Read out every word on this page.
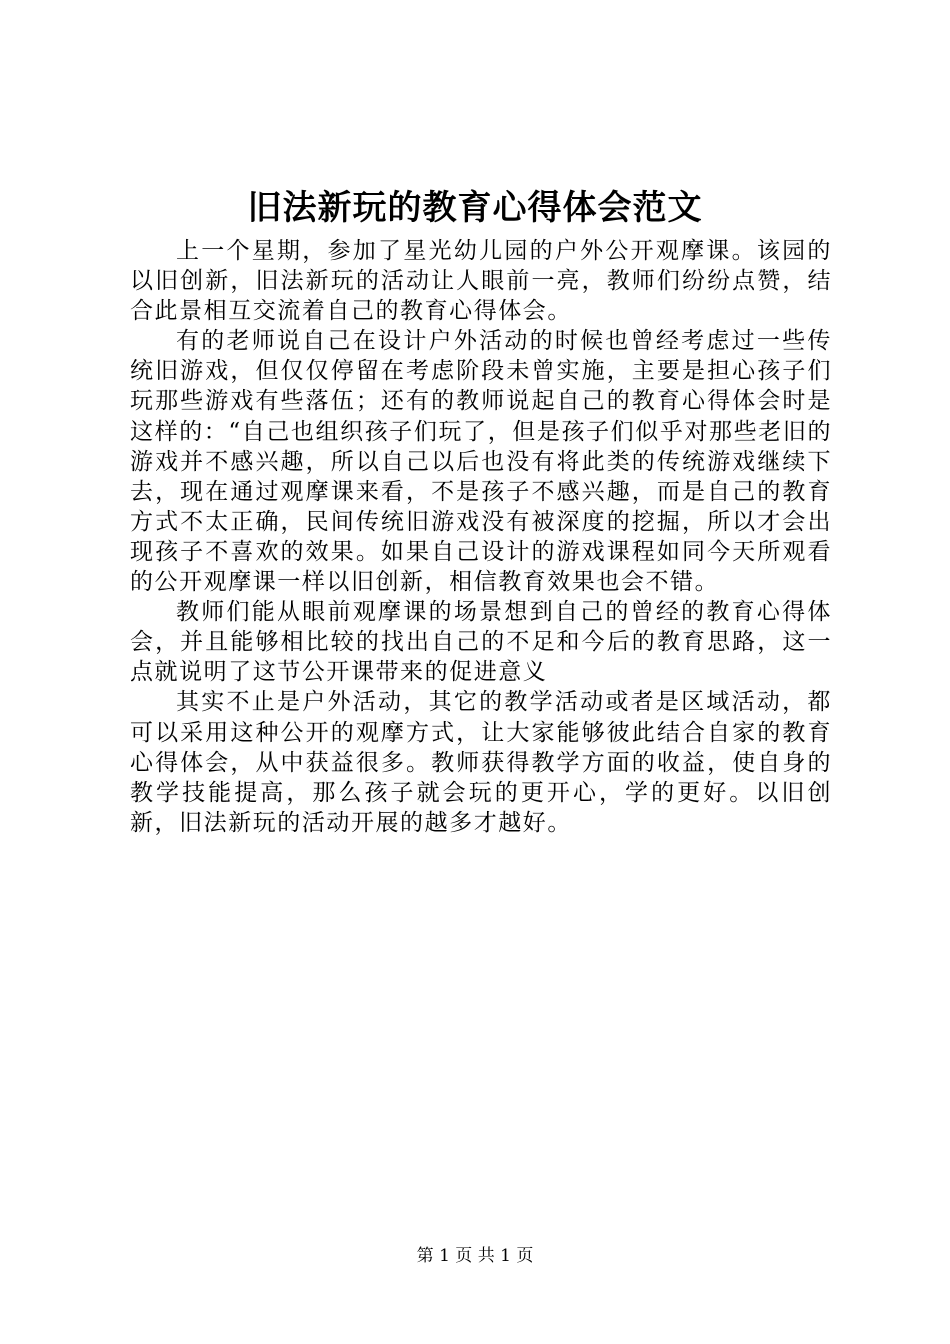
旧法新玩的教育心得体会范文

上一个星期，参加了星光幼儿园的户外公开观摩课。该园的以旧创新，旧法新玩的活动让人眼前一亮，教师们纷纷点赞，结合此景相互交流着自己的教育心得体会。

有的老师说自己在设计户外活动的时候也曾经考虑过一些传统旧游戏，但仅仅停留在考虑阶段未曾实施，主要是担心孩子们玩那些游戏有些落伍；还有的教师说起自己的教育心得体会时是这样的：“自己也组织孩子们玩了，但是孩子们似乎对那些老旧的游戏并不感兴趣，所以自己以后也没有将此类的传统游戏继续下去，现在通过观摩课来看，不是孩子不感兴趣，而是自己的教育方式不太正确，民间传统旧游戏没有被深度的挖掘，所以才会出现孩子不喜欢的效果。如果自己设计的游戏课程如同今天所观看的公开观摩课一样以旧创新，相信教育效果也会不错。

教师们能从眼前观摩课的场景想到自己的曾经的教育心得体会，并且能够相比较的找出自己的不足和今后的教育思路，这一点就说明了这节公开课带来的促进意义

其实不止是户外活动，其它的教学活动或者是区域活动，都可以采用这种公开的观摩方式，让大家能够彼此结合自家的教育心得体会，从中获益很多。教师获得教学方面的收益，使自身的教学技能提高，那么孩子就会玩的更开心，学的更好。以旧创新，旧法新玩的活动开展的越多才越好。

第 1 页 共 1 页
